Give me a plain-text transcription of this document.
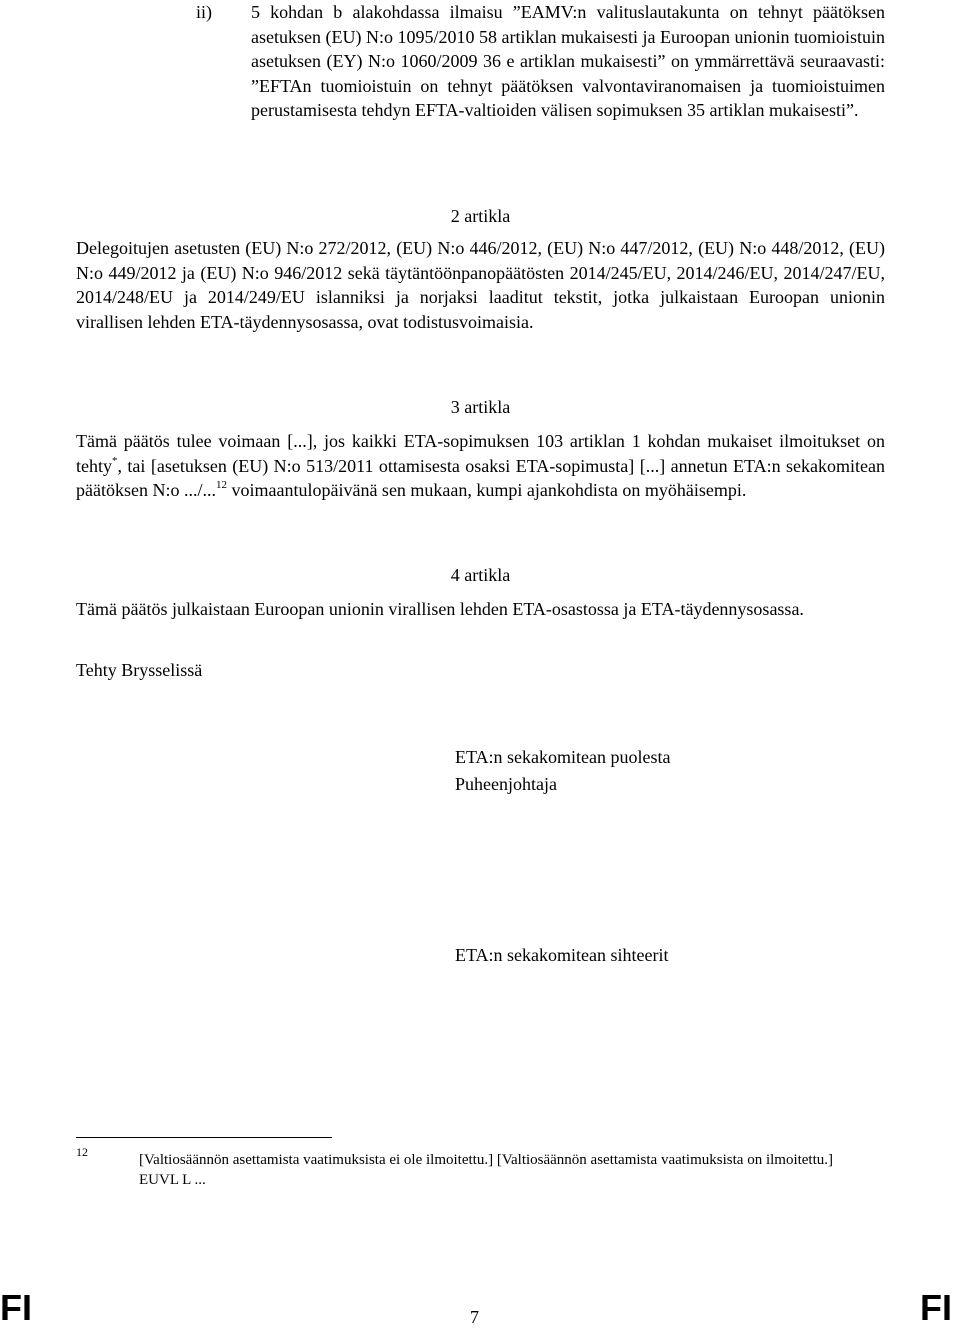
ii) 5 kohdan b alakohdassa ilmaisu ”EAMV:n valituslautakunta on tehnyt päätöksen asetuksen (EU) N:o 1095/2010 58 artiklan mukaisesti ja Euroopan unionin tuomioistuin asetuksen (EY) N:o 1060/2009 36 e artiklan mukaisesti” on ymmärrettävä seuraavasti: ”EFTAn tuomioistuin on tehnyt päätöksen valvontaviranomaisen ja tuomioistuimen perustamisesta tehdyn EFTA-valtioiden välisen sopimuksen 35 artiklan mukaisesti”.
2 artikla
Delegoitujen asetusten (EU) N:o 272/2012, (EU) N:o 446/2012, (EU) N:o 447/2012, (EU) N:o 448/2012, (EU) N:o 449/2012 ja (EU) N:o 946/2012 sekä täytäntöönpanopäätösten 2014/245/EU, 2014/246/EU, 2014/247/EU, 2014/248/EU ja 2014/249/EU islanniksi ja norjaksi laaditut tekstit, jotka julkaistaan Euroopan unionin virallisen lehden ETA-täydennysosassa, ovat todistusvoimaisia.
3 artikla
Tämä päätös tulee voimaan [...], jos kaikki ETA-sopimuksen 103 artiklan 1 kohdan mukaiset ilmoitukset on tehty*, tai [asetuksen (EU) N:o 513/2011 ottamisesta osaksi ETA-sopimusta] [...] annetun ETA:n sekakomitean päätöksen N:o .../...$^{12}$ voimaantulopäivänä sen mukaan, kumpi ajankohdista on myöhäisempi.
4 artikla
Tämä päätös julkaistaan Euroopan unionin virallisen lehden ETA-osastossa ja ETA-täydennysosassa.
Tehty Brysselissä
ETA:n sekakomitean puolesta
Puheenjohtaja
ETA:n sekakomitean sihteerit
12	[Valtiosäännön asettamista vaatimuksista ei ole ilmoitettu.] [Valtiosäännön asettamista vaatimuksista on ilmoitettu.]
EUVL L ...
FI	7	FI
